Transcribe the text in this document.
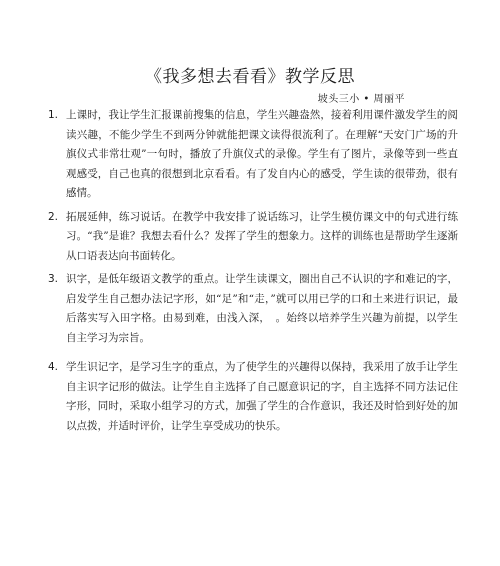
《我多想去看看》教学反思
坡头三小 • 周丽平
1. 上课时，我让学生汇报课前搜集的信息，学生兴趣盎然，接着利用课件激发学生的阅读兴趣，不能少学生不到两分钟就能把课文读得很流利了。在理解“天安门广场的升旗仪式非常壮观”一句时，播放了升旗仪式的录像。学生有了图片，录像等到一些直观感受，自己也真的很想到北京看看。有了发自内心的感受，学生读的很带劲，很有感情。

2. 拓展延伸，练习说话。在教学中我安排了说话练习，让学生模仿课文中的句式进行练习。“我”是谁？我想去看什么？发挥了学生的想象力。这样的训练也是帮助学生逐渐从口语表达向书面转化。

3. 识字，是低年级语文教学的重点。让学生读课文，圈出自己不认识的字和难记的字，启发学生自己想办法记字形，如“足”和“走，”就可以用已学的口和土来进行识记，最后落实写入田字格。由易到难，由浅入深，　。始终以培养学生兴趣为前提，以学生自主学习为宗旨。

4. 学生识记字，是学习生字的重点，为了使学生的兴趣得以保持，我采用了放手让学生自主识字记形的做法。让学生自主选择了自己愿意识记的字，自主选择不同方法记住字形，同时，采取小组学习的方式，加强了学生的合作意识，我还及时恰到好处的加以点拨，并适时评价，让学生享受成功的快乐。
